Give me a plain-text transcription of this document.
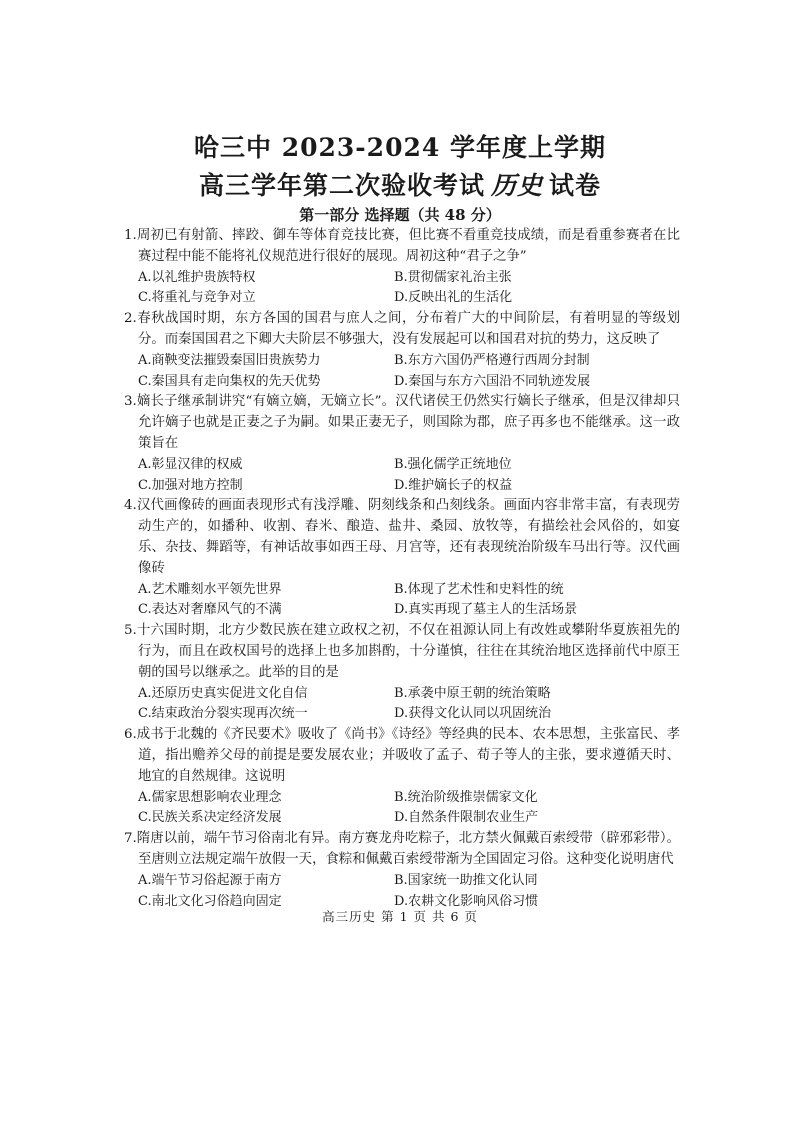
哈三中 2023-2024 学年度上学期
高三学年第二次验收考试 历史 试卷
第一部分 选择题（共 48 分）

1.周初已有射箭、摔跤、御车等体育竞技比赛，但比赛不看重竞技成绩，而是看重参赛者在比赛过程中能不能将礼仪规范进行很好的展现。周初这种“君子之争”

A.以礼维护贵族特权	B.贯彻儒家礼治主张
C.将重礼与竞争对立	D.反映出礼的生活化

2.春秋战国时期，东方各国的国君与庶人之间，分布着广大的中间阶层，有着明显的等级划分。而秦国国君之下卿大夫阶层不够强大，没有发展起可以和国君对抗的势力，这反映了

A.商鞅变法摧毁秦国旧贵族势力	B.东方六国仍严格遵行西周分封制
C.秦国具有走向集权的先天优势	D.秦国与东方六国沿不同轨迹发展

3.嫡长子继承制讲究“有嫡立嫡，无嫡立长”。汉代诸侯王仍然实行嫡长子继承，但是汉律却只允许嫡子也就是正妻之子为嗣。如果正妻无子，则国除为郡，庶子再多也不能继承。这一政策旨在

A.彰显汉律的权威	B.强化儒学正统地位
C.加强对地方控制	D.维护嫡长子的权益

4.汉代画像砖的画面表现形式有浅浮雕、阴刻线条和凸刻线条。画面内容非常丰富，有表现劳动生产的，如播种、收割、舂米、酿造、盐井、桑园、放牧等，有描绘社会风俗的，如宴乐、杂技、舞蹈等，有神话故事如西王母、月宫等，还有表现统治阶级车马出行等。汉代画像砖

A.艺术雕刻水平领先世界	B.体现了艺术性和史料性的统
C.表达对奢靡风气的不满	D.真实再现了墓主人的生活场景

5.十六国时期，北方少数民族在建立政权之初，不仅在祖源认同上有改姓或攀附华夏族祖先的行为，而且在政权国号的选择上也多加斟酌，十分谨慎，往往在其统治地区选择前代中原王朝的国号以继承之。此举的目的是

A.还原历史真实促进文化自信	B.承袭中原王朝的统治策略
C.结束政治分裂实现再次统一	D.获得文化认同以巩固统治

6.成书于北魏的《齐民要术》吸收了《尚书》《诗经》等经典的民本、农本思想，主张富民、孝道，指出赡养父母的前提是要发展农业；并吸收了孟子、荀子等人的主张，要求遵循天时、地宜的自然规律。这说明

A.儒家思想影响农业理念	B.统治阶级推崇儒家文化
C.民族关系决定经济发展	D.自然条件限制农业生产

7.隋唐以前，端午节习俗南北有异。南方赛龙舟吃粽子，北方禁火佩戴百索绶带（辟邪彩带）。至唐则立法规定端午放假一天，食粽和佩戴百索绶带渐为全国固定习俗。这种变化说明唐代

A.端午节习俗起源于南方	B.国家统一助推文化认同
C.南北文化习俗趋向固定	D.农耕文化影响风俗习惯
高三历史 第 1 页 共 6 页
